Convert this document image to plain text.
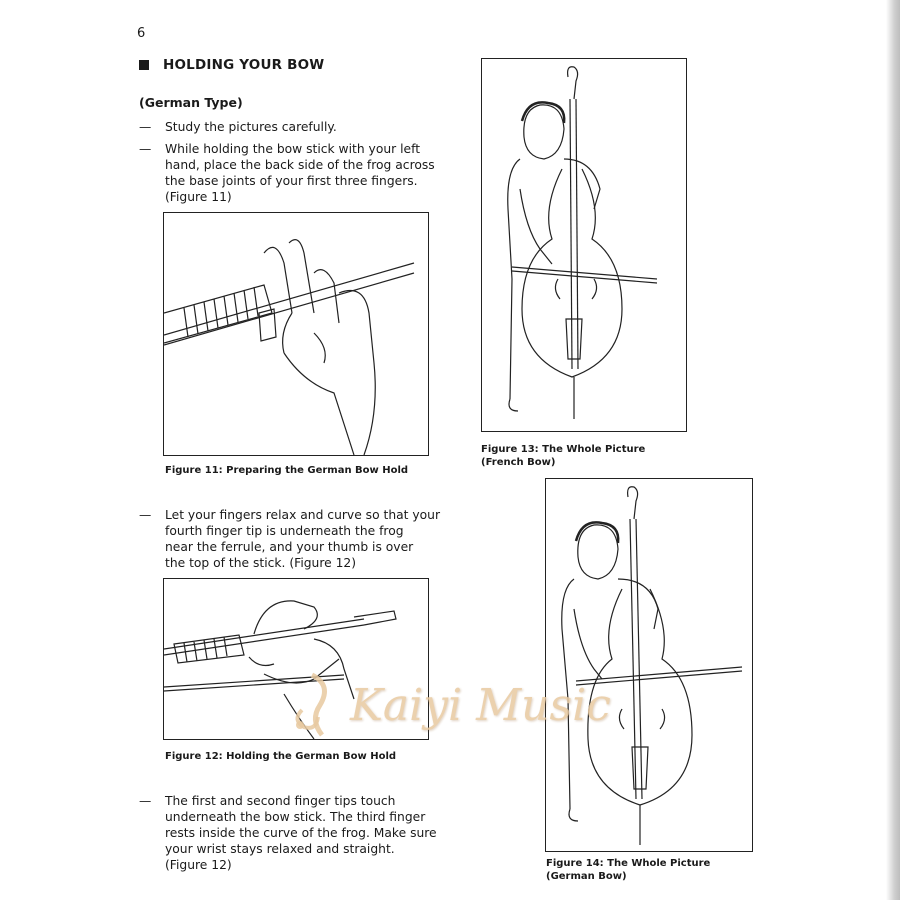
6
HOLDING YOUR BOW
(German Type)
—	Study the pictures carefully.
—	While holding the bow stick with your left
hand, place the back side of the frog across
the base joints of your first three fingers.
(Figure 11)
Figure 11: Preparing the German Bow Hold
—	Let your fingers relax and curve so that your
fourth finger tip is underneath the frog
near the ferrule, and your thumb is over
the top of the stick. (Figure 12)
Figure 12: Holding the German Bow Hold
—	The first and second finger tips touch
underneath the bow stick. The third finger
rests inside the curve of the frog. Make sure
your wrist stays relaxed and straight.
(Figure 12)
Figure 13: The Whole Picture
(French Bow)
Figure 14: The Whole Picture
(German Bow)
Kaiyi Music
